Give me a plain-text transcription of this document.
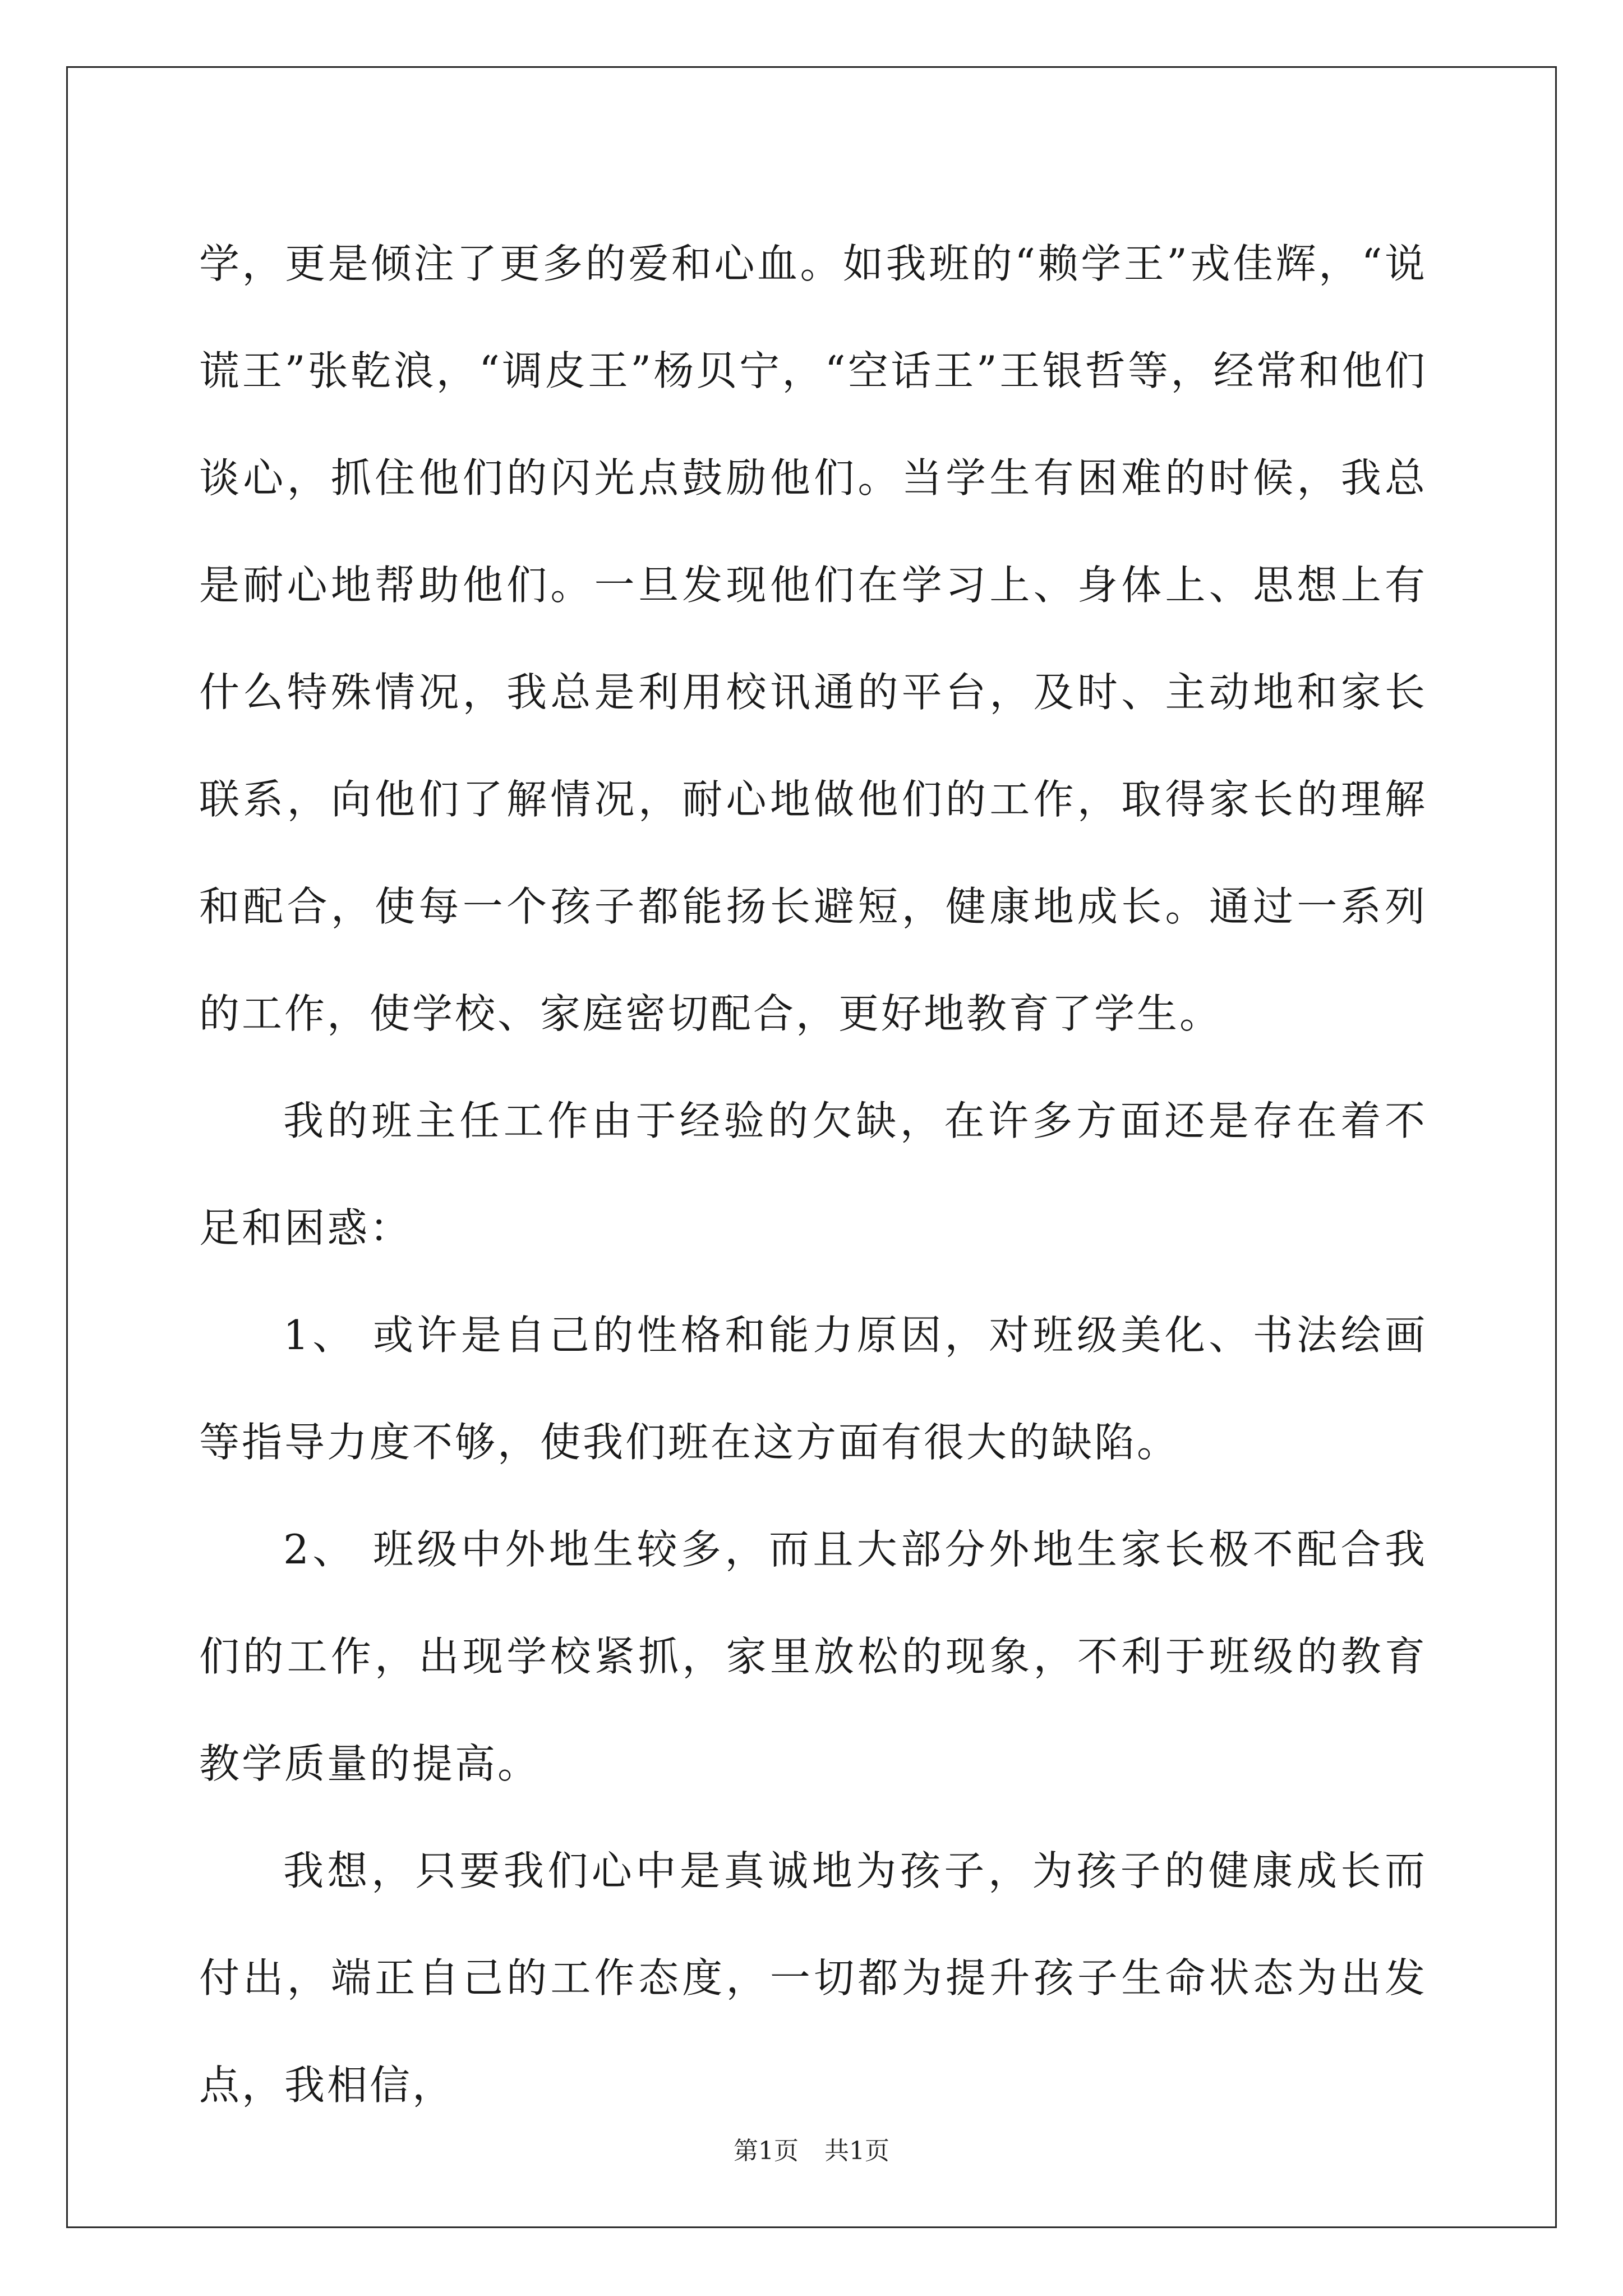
学，更是倾注了更多的爱和心血。如我班的“赖学王”戎佳辉，“说谎王”张乾浪，“调皮王”杨贝宁，“空话王”王银哲等，经常和他们谈心，抓住他们的闪光点鼓励他们。当学生有困难的时候，我总是耐心地帮助他们。一旦发现他们在学习上、身体上、思想上有什么特殊情况，我总是利用校讯通的平台，及时、主动地和家长联系，向他们了解情况，耐心地做他们的工作，取得家长的理解和配合，使每一个孩子都能扬长避短，健康地成长。通过一系列的工作，使学校、家庭密切配合，更好地教育了学生。

我的班主任工作由于经验的欠缺，在许多方面还是存在着不足和困惑：

1、 或许是自己的性格和能力原因，对班级美化、书法绘画等指导力度不够，使我们班在这方面有很大的缺陷。

2、 班级中外地生较多，而且大部分外地生家长极不配合我们的工作，出现学校紧抓，家里放松的现象，不利于班级的教育教学质量的提高。

我想，只要我们心中是真诚地为孩子，为孩子的健康成长而付出，端正自己的工作态度，一切都为提升孩子生命状态为出发点，我相信，

第1页 共1页
